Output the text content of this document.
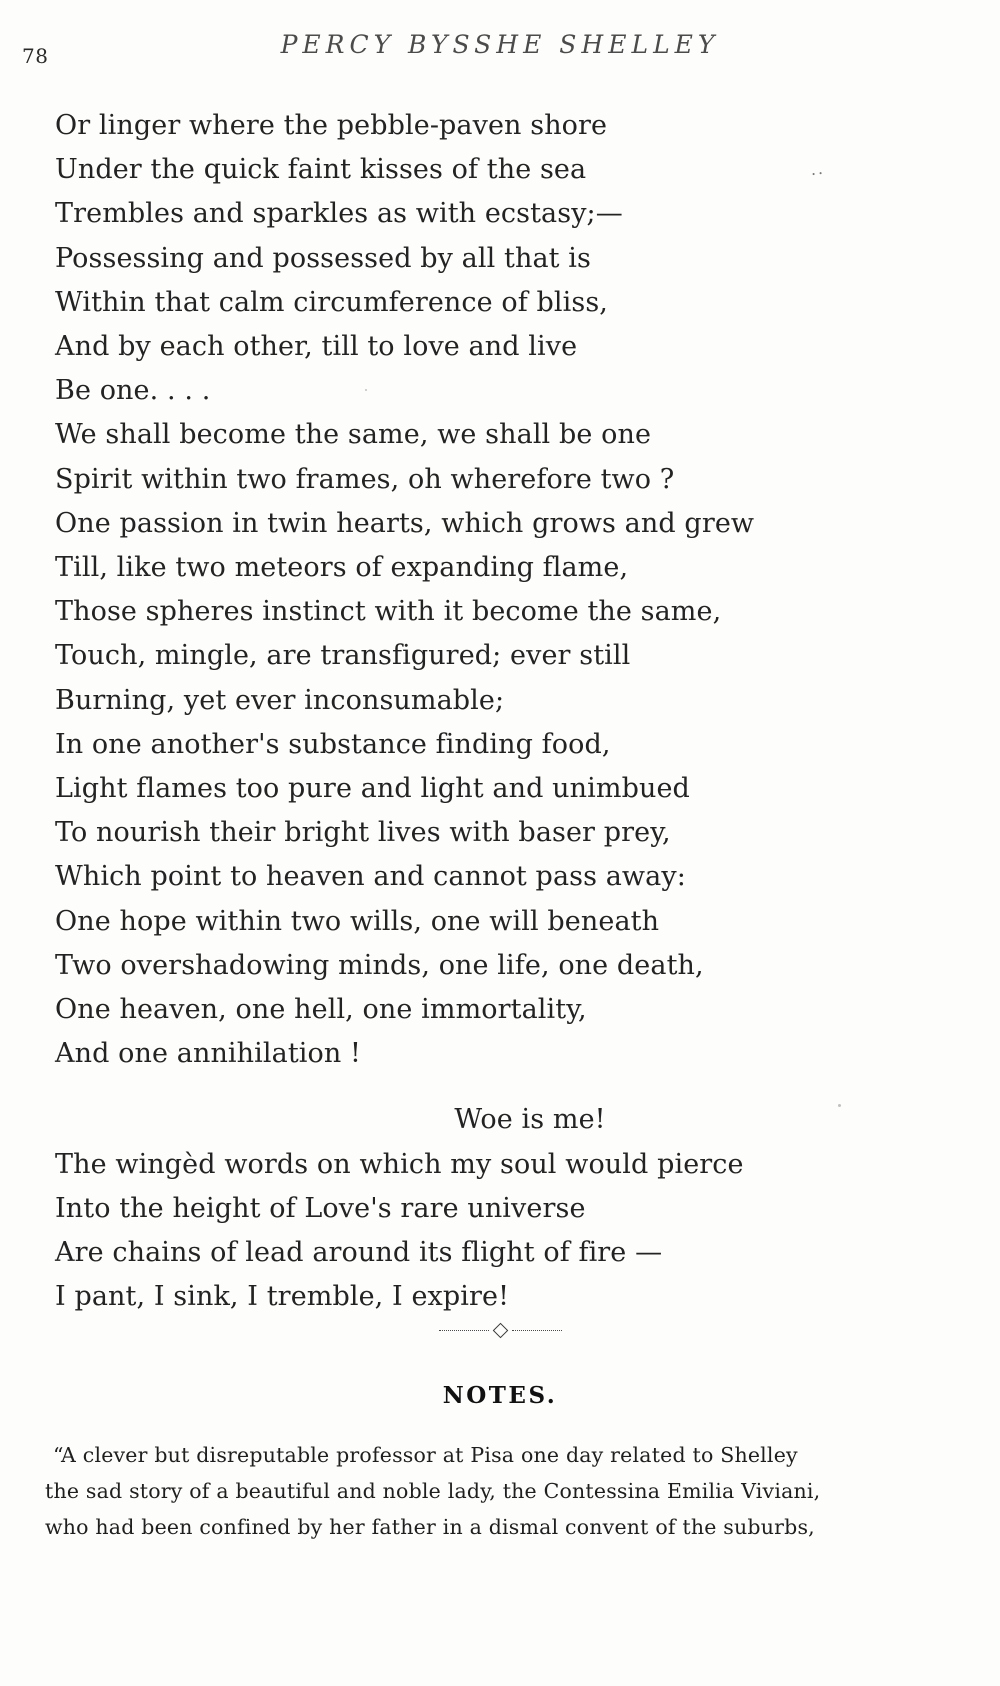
78	PERCY BYSSHE SHELLEY
Or linger where the pebble-paven shore
Under the quick faint kisses of the sea
Trembles and sparkles as with ecstasy;—
Possessing and possessed by all that is
Within that calm circumference of bliss,
And by each other, till to love and live
Be one. . . .
We shall become the same, we shall be one
Spirit within two frames, oh wherefore two ?
One passion in twin hearts, which grows and grew
Till, like two meteors of expanding flame,
Those spheres instinct with it become the same,
Touch, mingle, are transfigured; ever still
Burning, yet ever inconsumable;
In one another's substance finding food,
Light flames too pure and light and unimbued
To nourish their bright lives with baser prey,
Which point to heaven and cannot pass away:
One hope within two wills, one will beneath
Two overshadowing minds, one life, one death,
One heaven, one hell, one immortality,
And one annihilation !
Woe is me!
The wingèd words on which my soul would pierce
Into the height of Love's rare universe
Are chains of lead around its flight of fire —
I pant, I sink, I tremble, I expire!
··
NOTES.
“A clever but disreputable professor at Pisa one day related to Shelley
the sad story of a beautiful and noble lady, the Contessina Emilia Viviani,
who had been confined by her father in a dismal convent of the suburbs,
